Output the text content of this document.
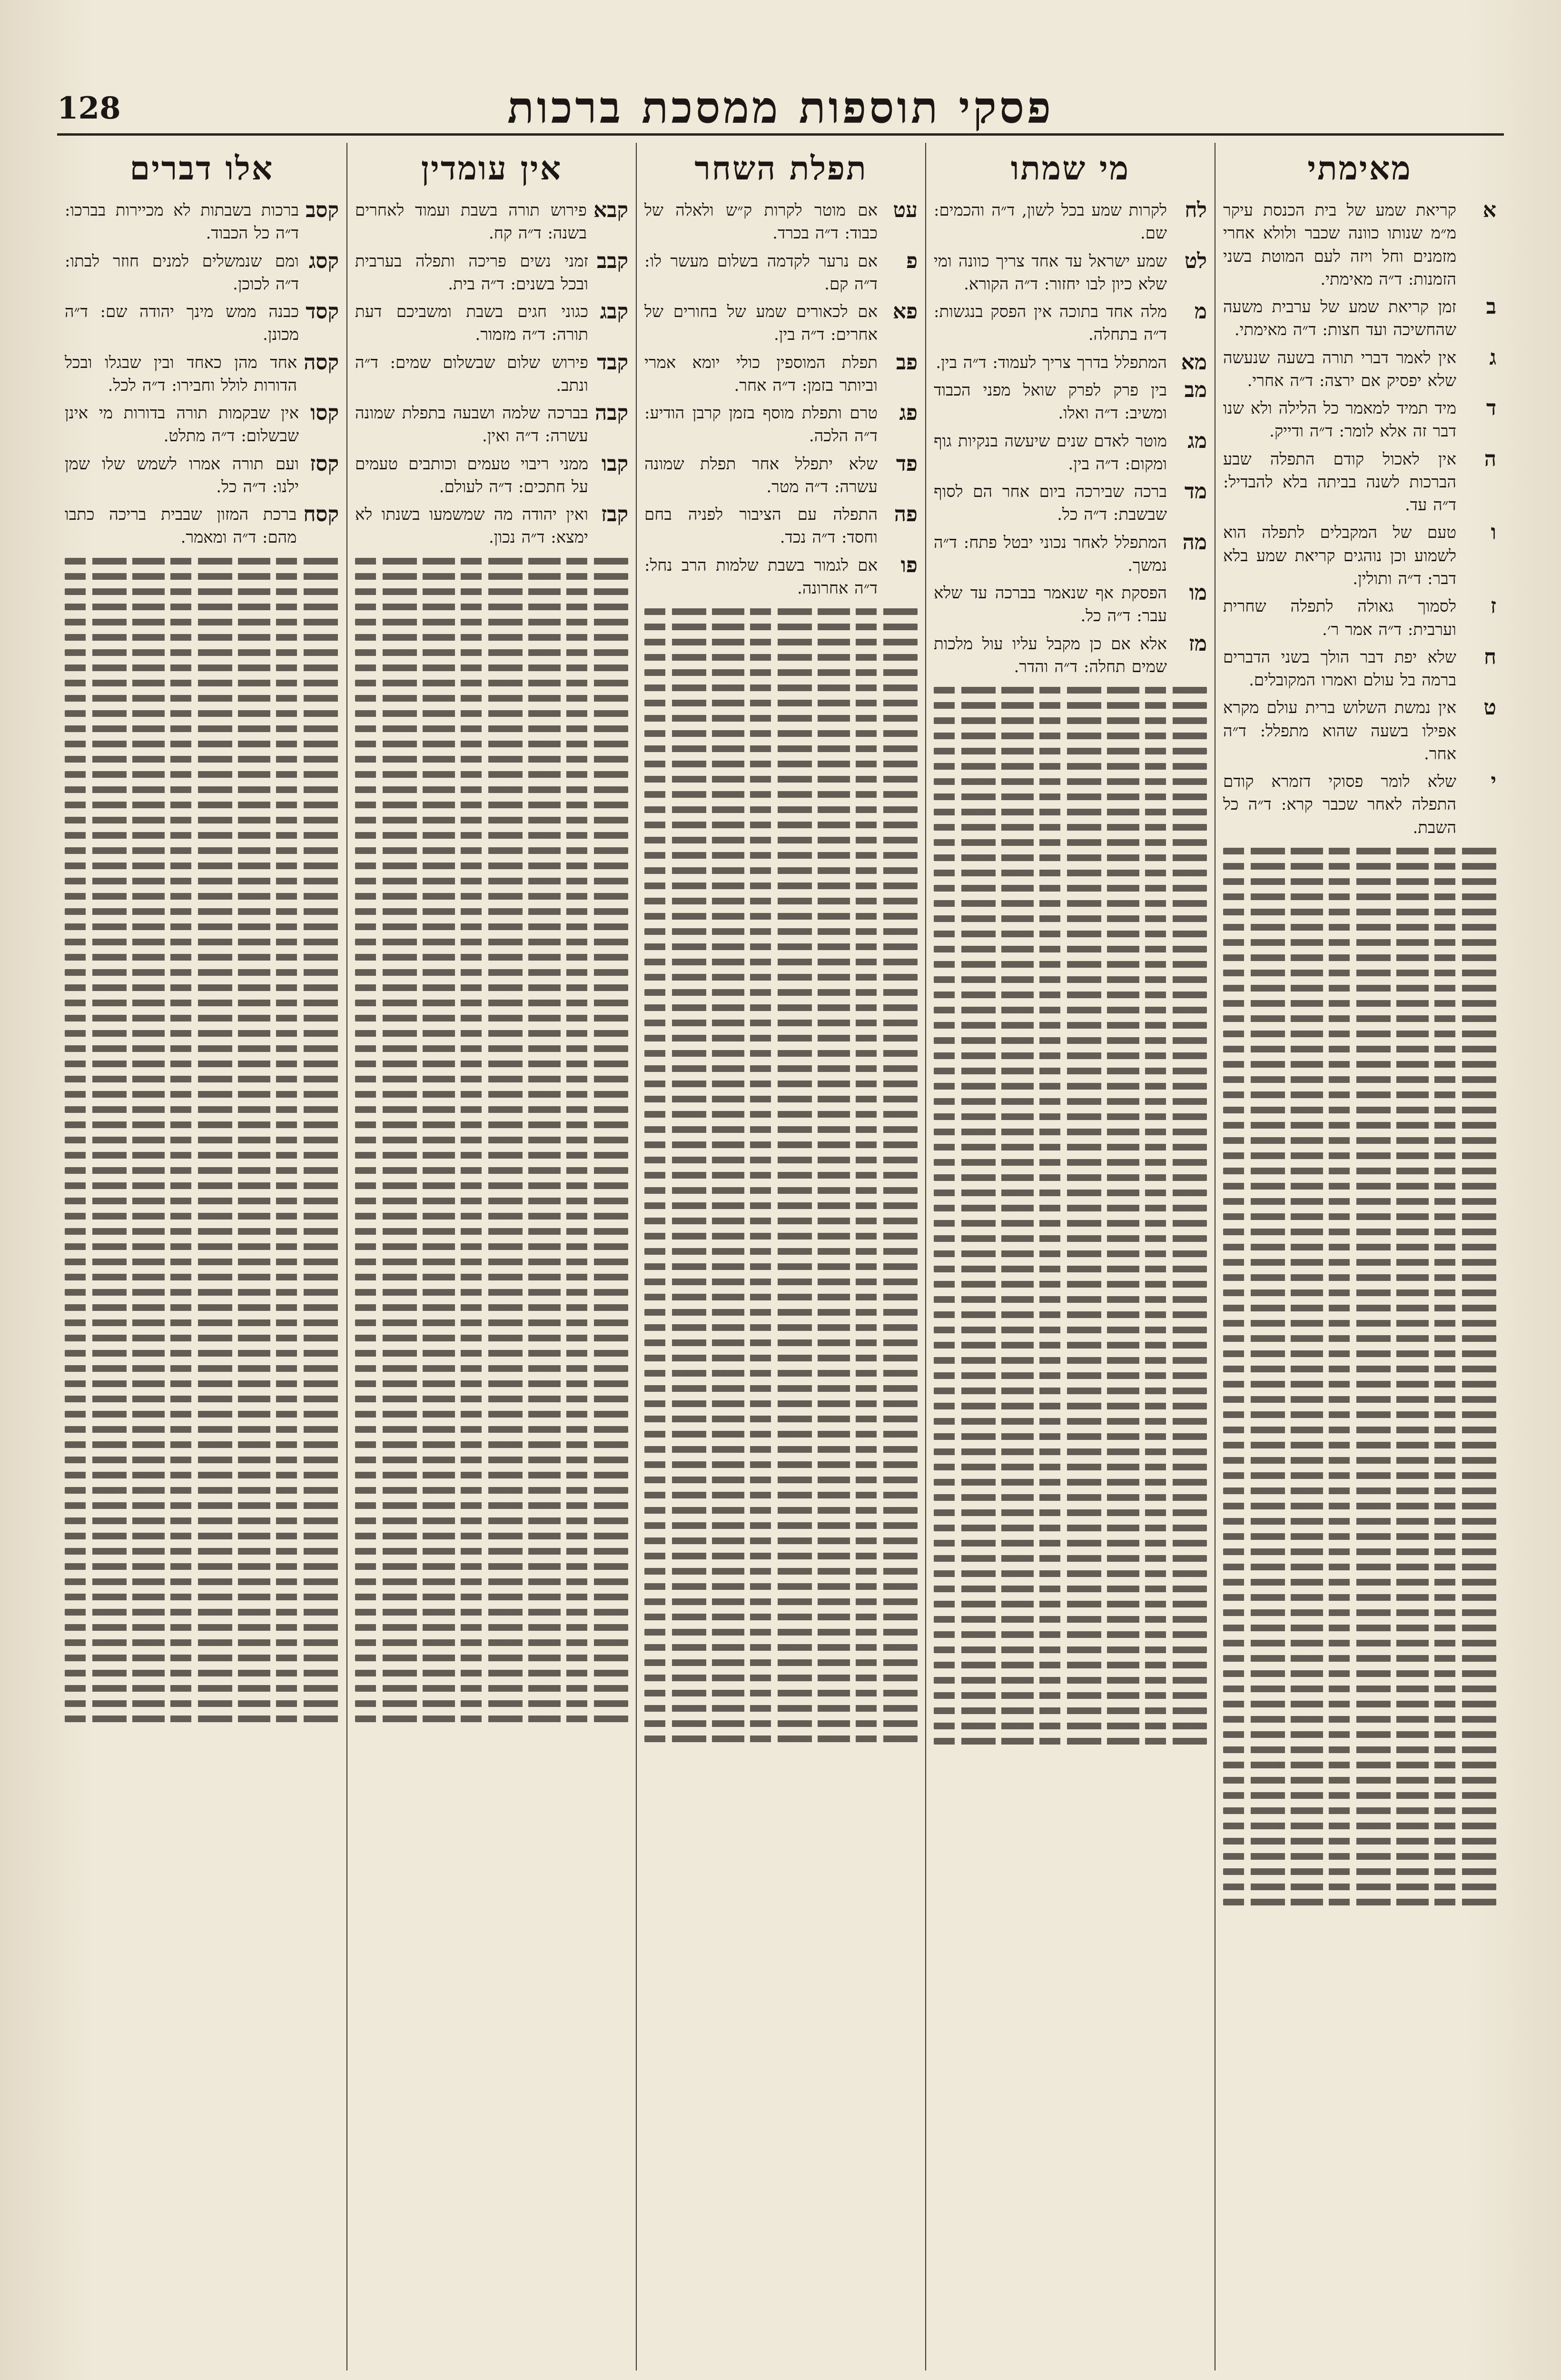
128	פסקי תוספות ממסכת ברכות
מאימתי
א
קריאת שמע של בית הכנסת עיקר מ״מ שנותו כוונה שכבר ולולא אחרי מזמנים וחל ויזה לעם המוטת בשני הזמנות: ד״ה מאימתי.
ב
זמן קריאת שמע של ערבית משעה שהחשיכה ועד חצות: ד״ה מאימתי.
ג
אין לאמר דברי תורה בשעה שנעשה שלא יפסיק אם ירצה: ד״ה אחרי.
ד
מיד תמיד למאמר כל הלילה ולא שנו דבר זה אלא לומר: ד״ה ודייק.
ה
אין לאכול קודם התפלה שבע הברכות לשנה בביתה בלא להבדיל: ד״ה עד.
ו
טעם של המקבלים לתפלה הוא לשמוע וכן נוהגים קריאת שמע בלא דבר: ד״ה ותולין.
ז
לסמוך גאולה לתפלה שחרית וערבית: ד״ה אמר ר׳.
ח
שלא יפת דבר הולך בשני הדברים ברמה בל עולם ואמרו המקובלים.
ט
אין נמשת השלוש ברית עולם מקרא אפילו בשעה שהוא מתפלל: ד״ה אחר.
י
שלא לומר פסוקי דזמרא קודם התפלה לאחר שכבר קרא: ד״ה כל השבת.
מי שמתו
לח
לקרות שמע בכל לשון, ד״ה והכמים: שם.
לט
שמע ישראל עד אחד צריך כוונה ומי שלא כיון לבו יחזור: ד״ה הקורא.
מ
מלה אחד בתוכה אין הפסק בנגשות: ד״ה בתחלה.
מא
המתפלל בדרך צריך לעמוד: ד״ה בין.
מב
בין פרק לפרק שואל מפני הכבוד ומשיב: ד״ה ואלו.
מג
מוטר לאדם שנים שיעשה בנקיות גוף ומקום: ד״ה בין.
מד
ברכה שבירכה ביום אחר הם לסוף שבשבת: ד״ה כל.
מה
המתפלל לאחר נכוני יבטל פתח: ד״ה נמשך.
מו
הפסקת אף שנאמר בברכה עד שלא עבר: ד״ה כל.
מז
אלא אם כן מקבל עליו עול מלכות שמים תחלה: ד״ה והדר.
תפלת השחר
עט
אם מוטר לקרות ק״ש ולאלה של כבוד: ד״ה בכרד.
פ
אם נרער לקדמה בשלום מעשר לו: ד״ה קם.
פא
אם לכאורים שמע של בחורים של אחרים: ד״ה בין.
פב
תפלת המוספין כולי יומא אמרי וביותר בזמן: ד״ה אחר.
פג
טרם ותפלת מוסף בזמן קרבן הודיע: ד״ה הלכה.
פד
שלא יתפלל אחר תפלת שמונה עשרה: ד״ה מטר.
פה
התפלה עם הציבור לפניה בחם וחסד: ד״ה נכד.
פו
אם לגמור בשבת שלמות הרב נחל: ד״ה אחרונה.
אין עומדין
קבא
פירוש תורה בשבת ועמוד לאחרים בשנה: ד״ה קח.
קבב
זמני נשים פריכה ותפלה בערבית ובכל בשנים: ד״ה בית.
קבג
כגוני חגים בשבת ומשביכם דעת תורה: ד״ה מזמור.
קבד
פירוש שלום שבשלום שמים: ד״ה ונתב.
קבה
בברכה שלמה ושבעה בתפלת שמונה עשרה: ד״ה ואין.
קבו
ממני ריבוי טעמים וכותבים טעמים על חתכים: ד״ה לעולם.
קבז
ואין יהודה מה שמשמעו בשנתו לא ימצא: ד״ה נכון.
אלו דברים
קסב
ברכות בשבתות לא מכיירות בברכו: ד״ה כל הכבוד.
קסג
ומם שנמשלים למנים חוזר לבתו: ד״ה לכוכן.
קסד
כבנה ממש מינך יהודה שם: ד״ה מכונן.
קסה
אחד מהן כאחד ובין שבגלו ובכל הדורות לולל וחבירו: ד״ה לכל.
קסו
אין שבקמות תורה בדורות מי אינן שבשלום: ד״ה מתלט.
קסז
ועם תורה אמרו לשמש שלו שמן ילנו: ד״ה כל.
קסח
ברכת המזון שבבית בריכה כתבו מהם: ד״ה ומאמר.
